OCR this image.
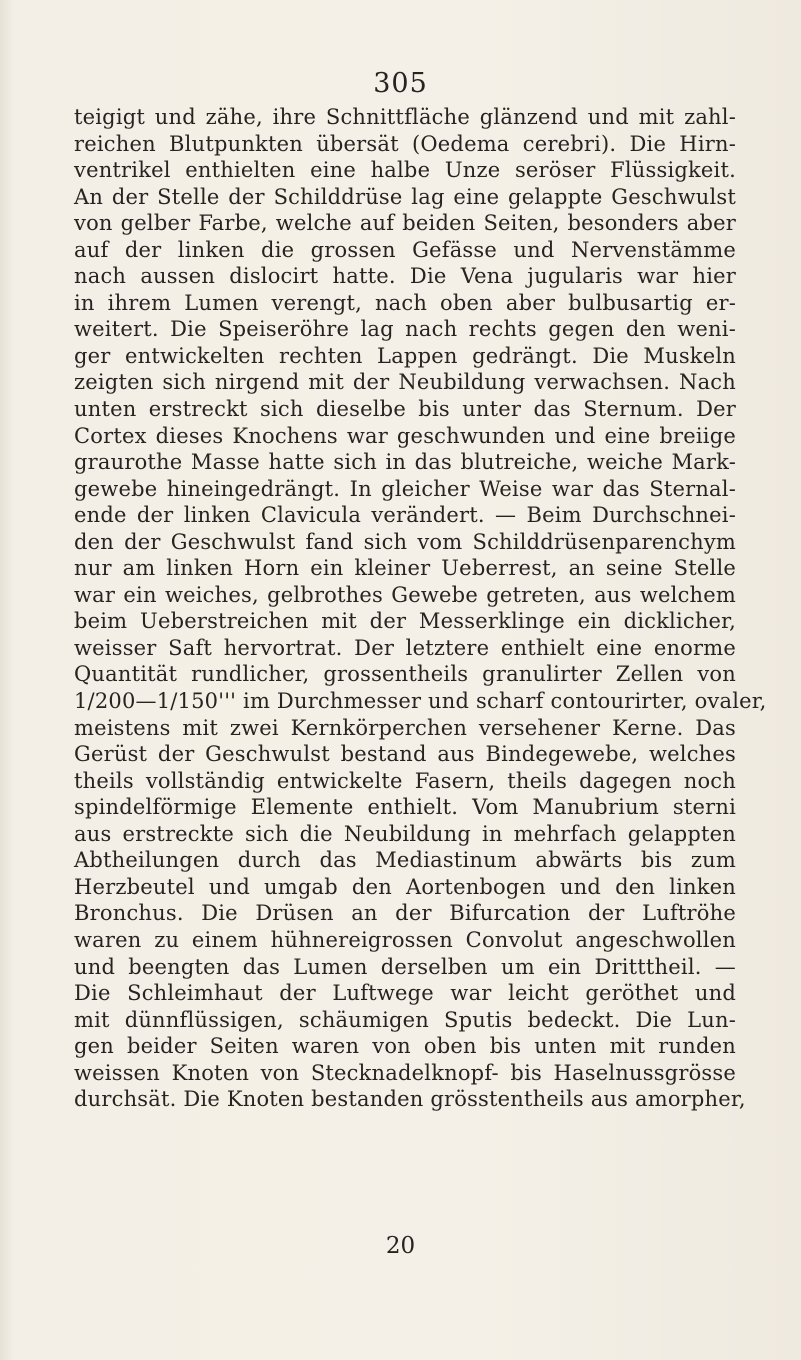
305
teigigt und zähe, ihre Schnittfläche glänzend und mit zahl-
reichen Blutpunkten übersät (Oedema cerebri). Die Hirn-
ventrikel enthielten eine halbe Unze seröser Flüssigkeit.
An der Stelle der Schilddrüse lag eine gelappte Geschwulst
von gelber Farbe, welche auf beiden Seiten, besonders aber
auf der linken die grossen Gefässe und Nervenstämme
nach aussen dislocirt hatte. Die Vena jugularis war hier
in ihrem Lumen verengt, nach oben aber bulbusartig er-
weitert. Die Speiseröhre lag nach rechts gegen den weni-
ger entwickelten rechten Lappen gedrängt. Die Muskeln
zeigten sich nirgend mit der Neubildung verwachsen. Nach
unten erstreckt sich dieselbe bis unter das Sternum. Der
Cortex dieses Knochens war geschwunden und eine breiige
graurothe Masse hatte sich in das blutreiche, weiche Mark-
gewebe hineingedrängt. In gleicher Weise war das Sternal-
ende der linken Clavicula verändert. — Beim Durchschnei-
den der Geschwulst fand sich vom Schilddrüsenparenchym
nur am linken Horn ein kleiner Ueberrest, an seine Stelle
war ein weiches, gelbrothes Gewebe getreten, aus welchem
beim Ueberstreichen mit der Messerklinge ein dicklicher,
weisser Saft hervortrat. Der letztere enthielt eine enorme
Quantität rundlicher, grossentheils granulirter Zellen von
1/200—1/150''' im Durchmesser und scharf contourirter, ovaler,
meistens mit zwei Kernkörperchen versehener Kerne. Das
Gerüst der Geschwulst bestand aus Bindegewebe, welches
theils vollständig entwickelte Fasern, theils dagegen noch
spindelförmige Elemente enthielt. Vom Manubrium sterni
aus erstreckte sich die Neubildung in mehrfach gelappten
Abtheilungen durch das Mediastinum abwärts bis zum
Herzbeutel und umgab den Aortenbogen und den linken
Bronchus. Die Drüsen an der Bifurcation der Luftröhe
waren zu einem hühnereigrossen Convolut angeschwollen
und beengten das Lumen derselben um ein Dritttheil. —
Die Schleimhaut der Luftwege war leicht geröthet und
mit dünnflüssigen, schäumigen Sputis bedeckt. Die Lun-
gen beider Seiten waren von oben bis unten mit runden
weissen Knoten von Stecknadelknopf- bis Haselnussgrösse
durchsät. Die Knoten bestanden grösstentheils aus amorpher,
20
